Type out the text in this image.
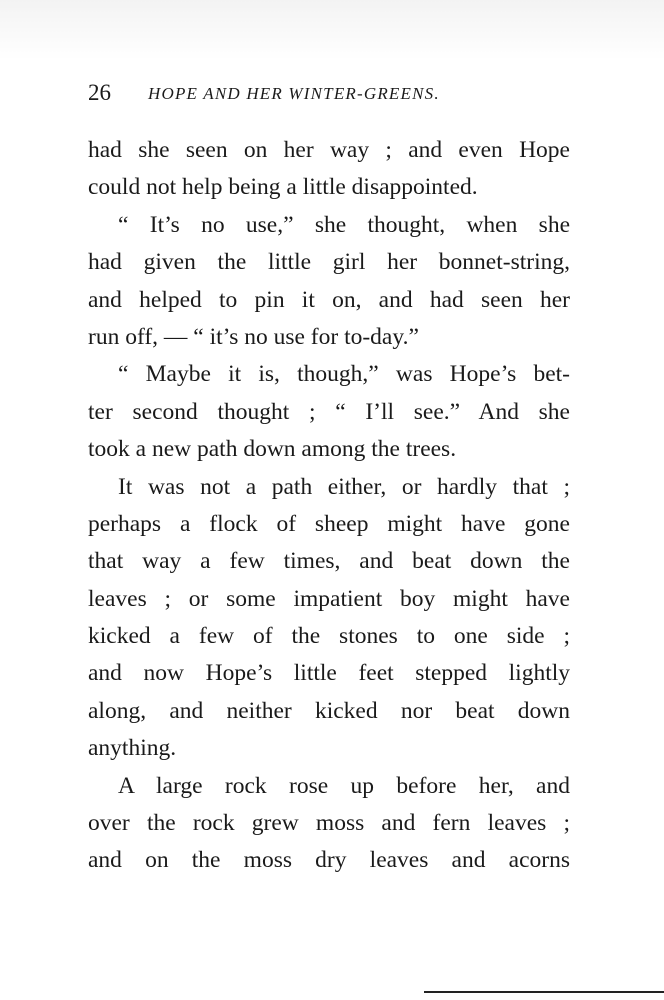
26 HOPE AND HER WINTER-GREENS.
had she seen on her way ; and even Hope
could not help being a little disappointed.
“ It’s no use,” she thought, when she
had given the little girl her bonnet-string,
and helped to pin it on, and had seen her
run off, — “ it’s no use for to-day.”
“ Maybe it is, though,” was Hope’s bet-
ter second thought ; “ I’ll see.” And she
took a new path down among the trees.
It was not a path either, or hardly that ;
perhaps a flock of sheep might have gone
that way a few times, and beat down the
leaves ; or some impatient boy might have
kicked a few of the stones to one side ;
and now Hope’s little feet stepped lightly
along, and neither kicked nor beat down
anything.
A large rock rose up before her, and
over the rock grew moss and fern leaves ;
and on the moss dry leaves and acorns
